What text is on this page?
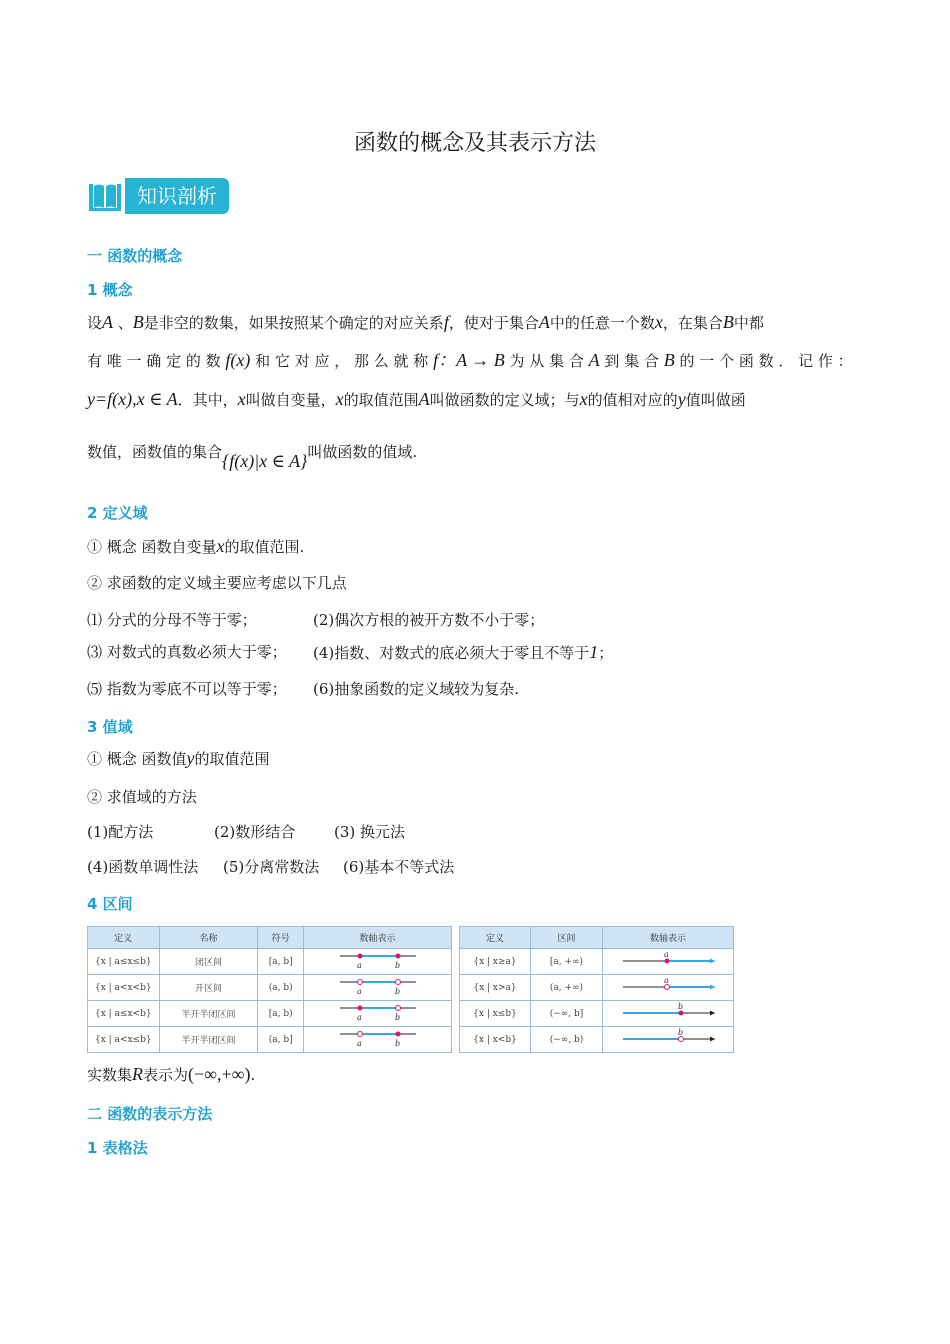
函数的概念及其表示方法
知识剖析
一 函数的概念
1 概念
设A 、B是非空的数集，如果按照某个确定的对应关系f，使对于集合A中的任意一个数x，在集合B中都
有 唯 一 确 定 的 数 f(x) 和 它 对 应 ， 那 么 就 称 f：A → B 为 从 集 合 A 到 集 合 B 的 一 个 函 数 ． 记 作 ：
y=f(x),x ∈ A．其中，x叫做自变量，x的取值范围A叫做函数的定义域；与x的值相对应的y值叫做函
数值，函数值的集合{f(x)|x ∈ A}叫做函数的值域.
2 定义域
① 概念 函数自变量x的取值范围.
② 求函数的定义域主要应考虑以下几点
⑴ 分式的分母不等于零；	(2)偶次方根的被开方数不小于零；
⑶ 对数式的真数必须大于零； (4)指数、对数式的底必须大于零且不等于1；
⑸ 指数为零底不可以等于零； (6)抽象函数的定义域较为复杂.
3 值域
① 概念 函数值y的取值范围
② 求值域的方法
(1)配方法	(2)数形结合	(3) 换元法
(4)函数单调性法 (5)分离常数法 (6)基本不等式法
4 区间
定义	名称	符号	数轴表示
{x | a≤x≤b}	闭区间	[a, b]	a b

{x | a<x<b}	开区间	(a, b)	a b

{x | a≤x<b}	半开半闭区间	[a, b)	a b

{x | a<x≤b}	半开半闭区间	(a, b]	a b
定义	区间	数轴表示
{x | x≥a}	[a, +∞)	a

{x | x>a}	(a, +∞)	a

{x | x≤b}	(−∞, b]	b

{x | x<b}	(−∞, b)	b
实数集R表示为(−∞,+∞).
二 函数的表示方法
1 表格法
